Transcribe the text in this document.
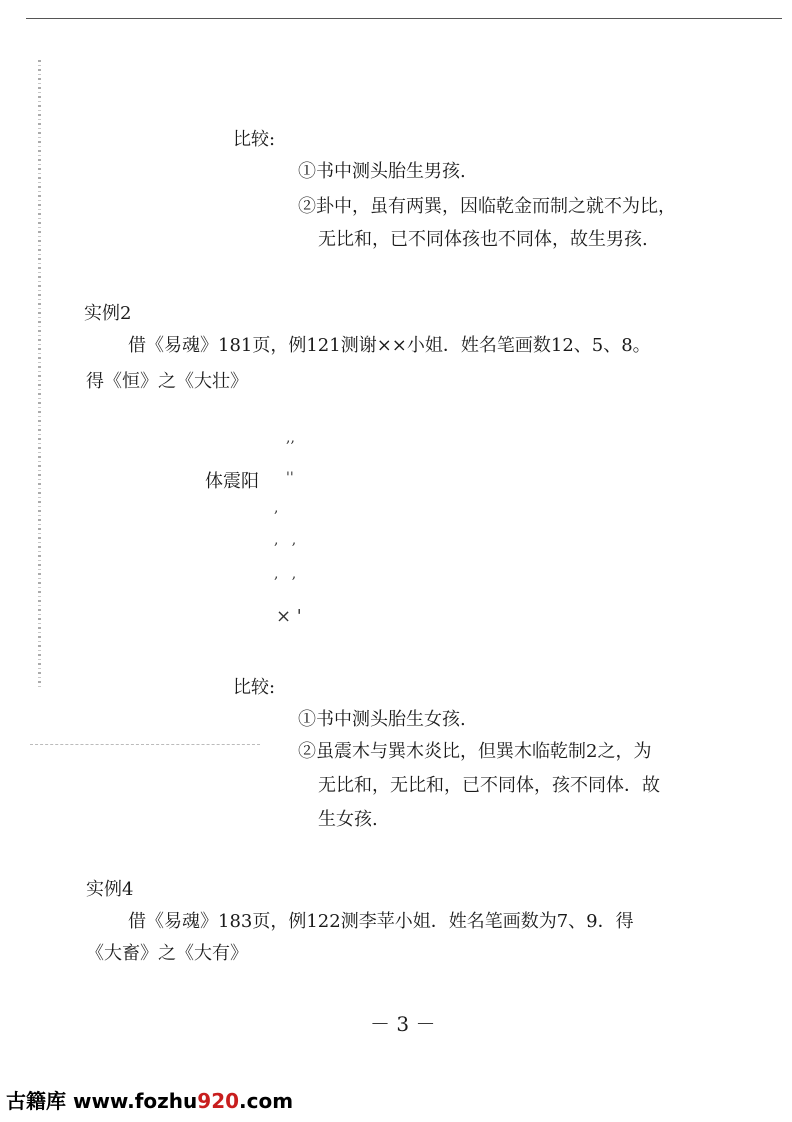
比较:
①书中测头胎生男孩.
②卦中，虽有两巽，因临乾金而制之就不为比，
无比和，已不同体孩也不同体，故生男孩.
实例2
借《易魂》181页，例121测谢××小姐．姓名笔画数12、5、8。
得《恒》之《大壮》
,,
体震阳 ''
,
,   ,
,   ,
× '
比较:
①书中测头胎生女孩.
②虽震木与巽木炎比，但巽木临乾制2之，为
无比和，无比和，已不同体，孩不同体．故
生女孩.
实例4
借《易魂》183页，例122测李苹小姐．姓名笔画数为7、9．得
《大畜》之《大有》
－ 3 －
古籍库 www.fozhu920.com
